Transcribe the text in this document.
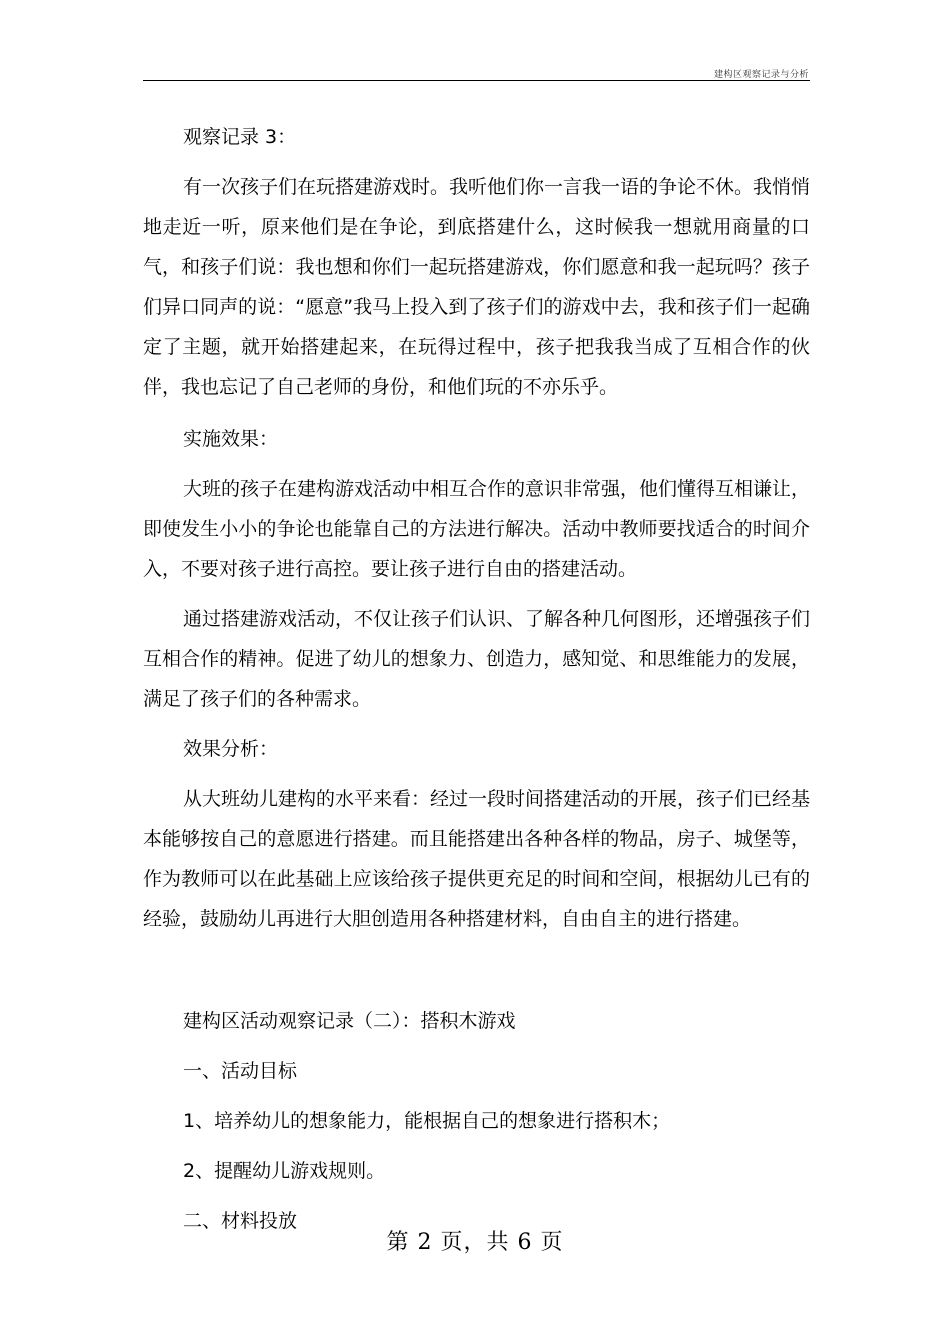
建构区观察记录与分析

观察记录 3：

有一次孩子们在玩搭建游戏时。我听他们你一言我一语的争论不休。我悄悄地走近一听，原来他们是在争论，到底搭建什么，这时候我一想就用商量的口气，和孩子们说：我也想和你们一起玩搭建游戏，你们愿意和我一起玩吗？孩子们异口同声的说：“愿意”我马上投入到了孩子们的游戏中去，我和孩子们一起确定了主题，就开始搭建起来，在玩得过程中，孩子把我我当成了互相合作的伙伴，我也忘记了自己老师的身份，和他们玩的不亦乐乎。

实施效果：

大班的孩子在建构游戏活动中相互合作的意识非常强，他们懂得互相谦让，即使发生小小的争论也能靠自己的方法进行解决。活动中教师要找适合的时间介入，不要对孩子进行高控。要让孩子进行自由的搭建活动。

通过搭建游戏活动，不仅让孩子们认识、了解各种几何图形，还增强孩子们互相合作的精神。促进了幼儿的想象力、创造力，感知觉、和思维能力的发展，满足了孩子们的各种需求。

效果分析：

从大班幼儿建构的水平来看：经过一段时间搭建活动的开展，孩子们已经基本能够按自己的意愿进行搭建。而且能搭建出各种各样的物品，房子、城堡等，作为教师可以在此基础上应该给孩子提供更充足的时间和空间，根据幼儿已有的经验，鼓励幼儿再进行大胆创造用各种搭建材料，自由自主的进行搭建。

建构区活动观察记录（二）：搭积木游戏

一、活动目标

1、培养幼儿的想象能力，能根据自己的想象进行搭积木；

2、提醒幼儿游戏规则。

二、材料投放

第 2 页，共 6 页
